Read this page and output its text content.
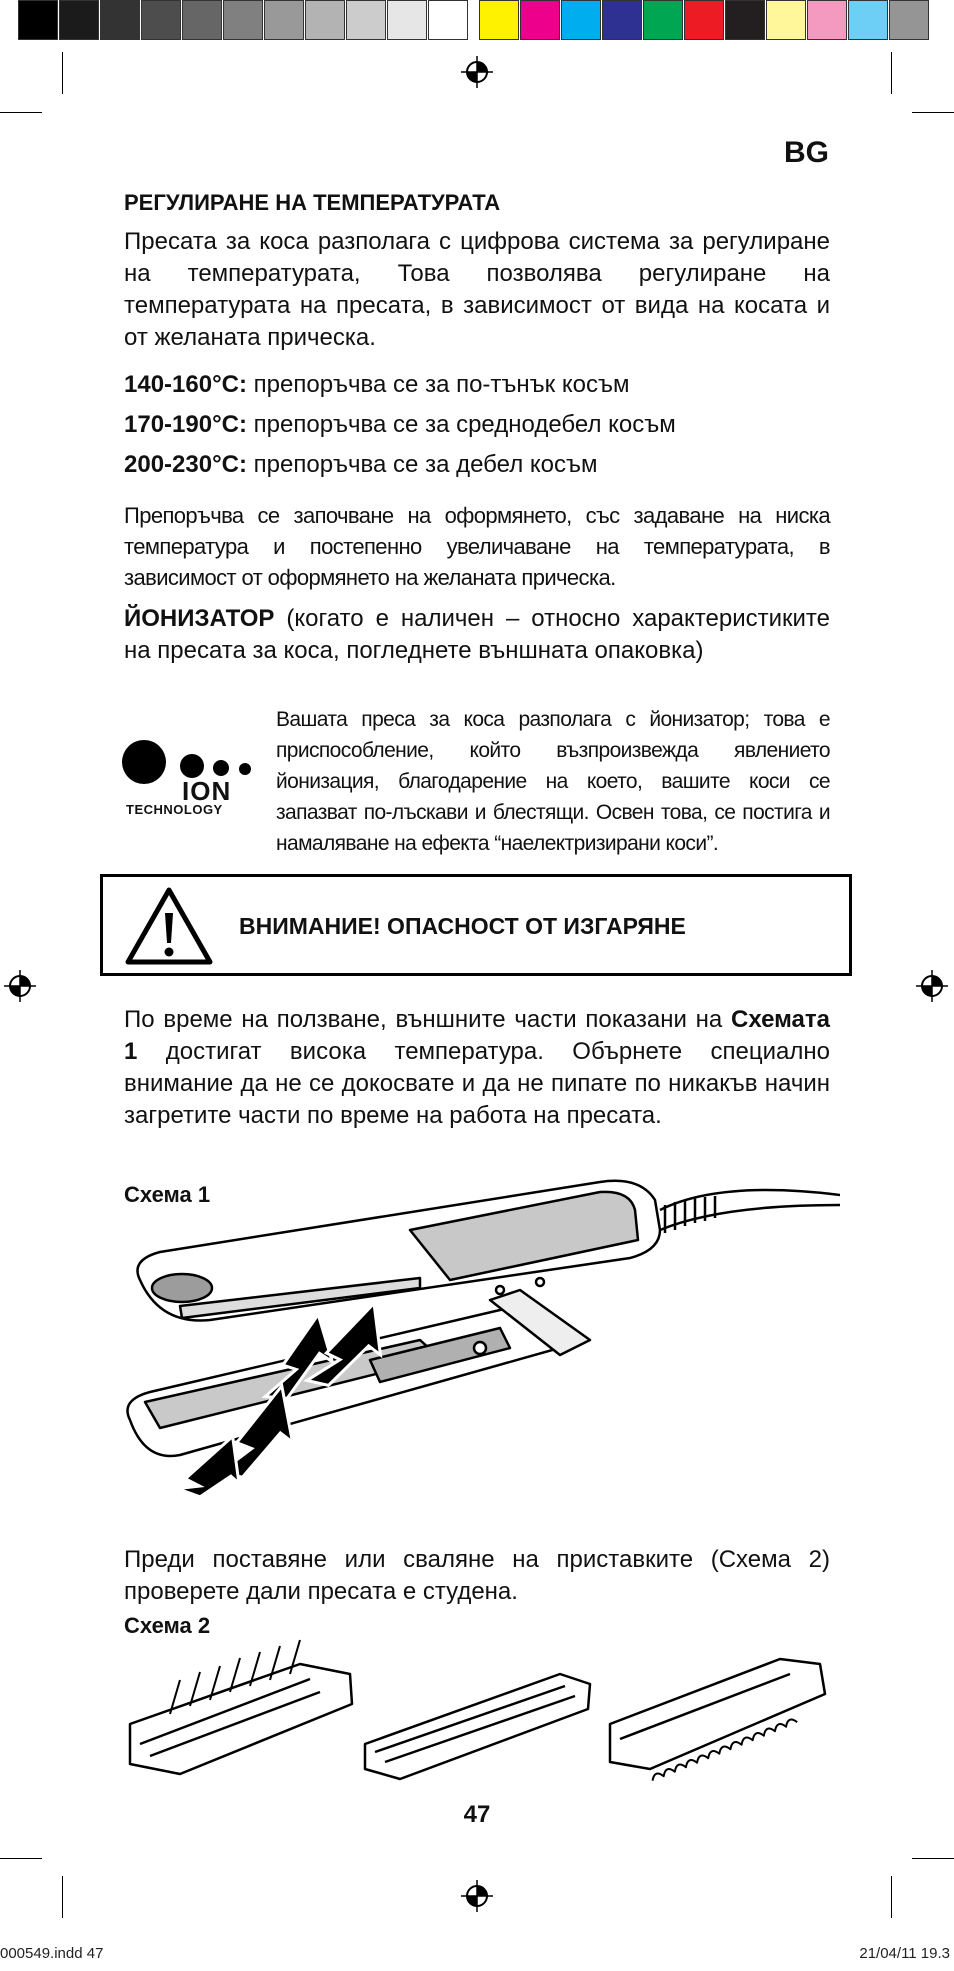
BG
РЕГУЛИРАНЕ НА ТЕМПЕРАТУРАТА
Пресата за коса разполага с цифрова система за регулиране на температурата, Това позволява регулиране на температурата на пресата, в зависимост от вида на косата и от желаната прическа.
140-160°C: препоръчва се за по-тънък косъм
170-190°C: препоръчва се за среднодебел косъм
200-230°C: препоръчва се за дебел косъм
Препоръчва се започване на оформянето, със задаване на ниска температура и постепенно увеличаване на температурата, в зависимост от оформянето на желаната прическа.
ЙОНИЗАТОР (когато е наличен – относно характеристиките на пресата за коса, погледнете външната опаковка)
ION
TECHNOLOGY
Вашата преса за коса разполага с йонизатор; това е приспособление, който възпроизвежда явлението йонизация, благодарение на което, вашите коси се запазват по-лъскави и блестящи. Освен това, се постига и намаляване на ефекта “наелектризирани коси”.
ВНИМАНИЕ! ОПАСНОСТ ОТ ИЗГАРЯНЕ
По време на ползване, външните части показани на Схемата 1 достигат висока температура. Обърнете специално внимание да не се докосвате и да не пипате по никакъв начин загретите части по време на работа на пресата.
Схема 1
Преди поставяне или сваляне на приставките (Схема 2) проверете дали пресата е студена.
Схема 2
47
000549.indd 47	21/04/11 19.3
